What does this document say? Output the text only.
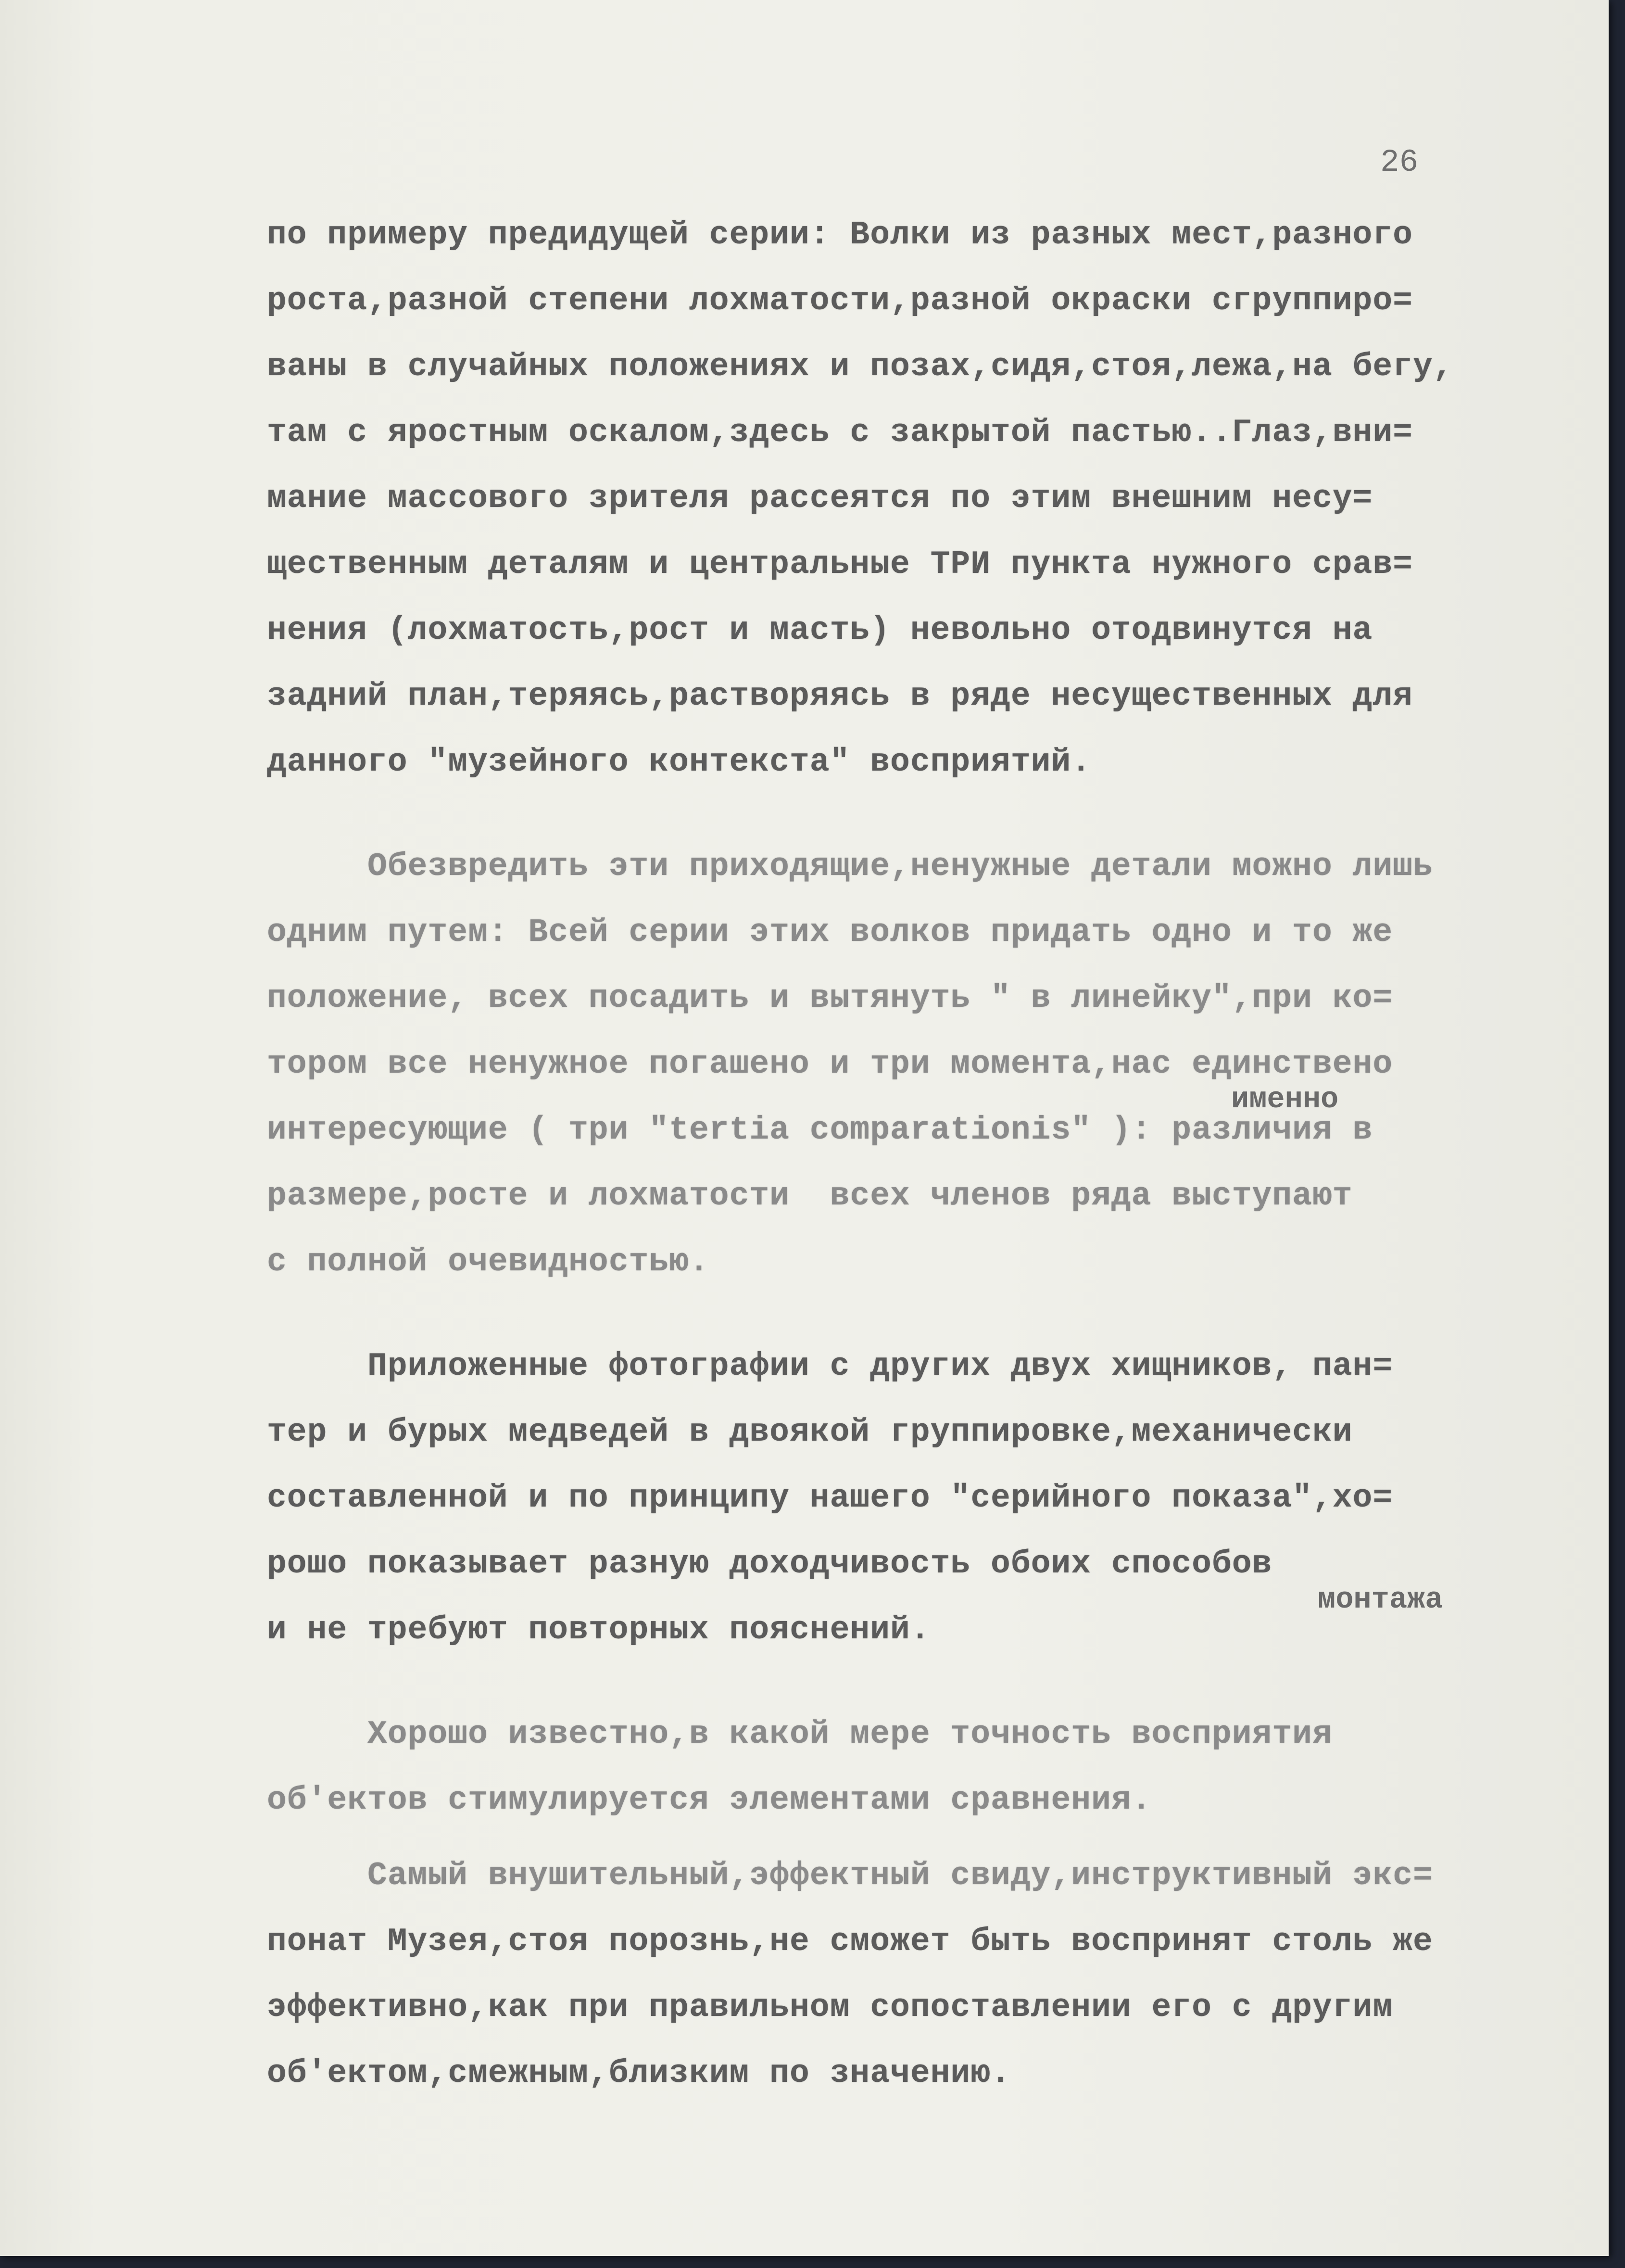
26
именно
монтажа
по примеру предидущей серии: Волки из разных мест,разного
роста,разной степени лохматости,разной окраски сгруппиро=
ваны в случайных положениях и позах,сидя,стоя,лежа,на бегу,
там с яростным оскалом,здесь с закрытой пастью..Глаз,вни=
мание массового зрителя рассеятся по этим внешним несу=
щественным деталям и центральные ТРИ пункта нужного срав=
нения (лохматость,рост и масть) невольно отодвинутся на
задний план,теряясь,растворяясь в ряде несущественных для
данного "музейного контекста" восприятий.
Обезвредить эти приходящие,ненужные детали можно лишь
одним путем: Всей серии этих волков придать одно и то же
положение, всех посадить и вытянуть " в линейку",при ко=
тором все ненужное погашено и три момента,нас единствено
интересующие ( три "tertia comparationis" ): различия в
размере,росте и лохматости  всех членов ряда выступают
с полной очевидностью.
Приложенные фотографии с других двух хищников, пан=
тер и бурых медведей в двоякой группировке,механически
составленной и по принципу нашего "серийного показа",хо=
рошо показывает разную доходчивость обоих способов
и не требуют повторных пояснений.
Хорошо известно,в какой мере точность восприятия
об'ектов стимулируется элементами сравнения.
Самый внушительный,эффектный свиду,инструктивный экс=
понат Музея,стоя порознь,не сможет быть воспринят столь же
эффективно,как при правильном сопоставлении его с другим
об'ектом,смежным,близким по значению.
